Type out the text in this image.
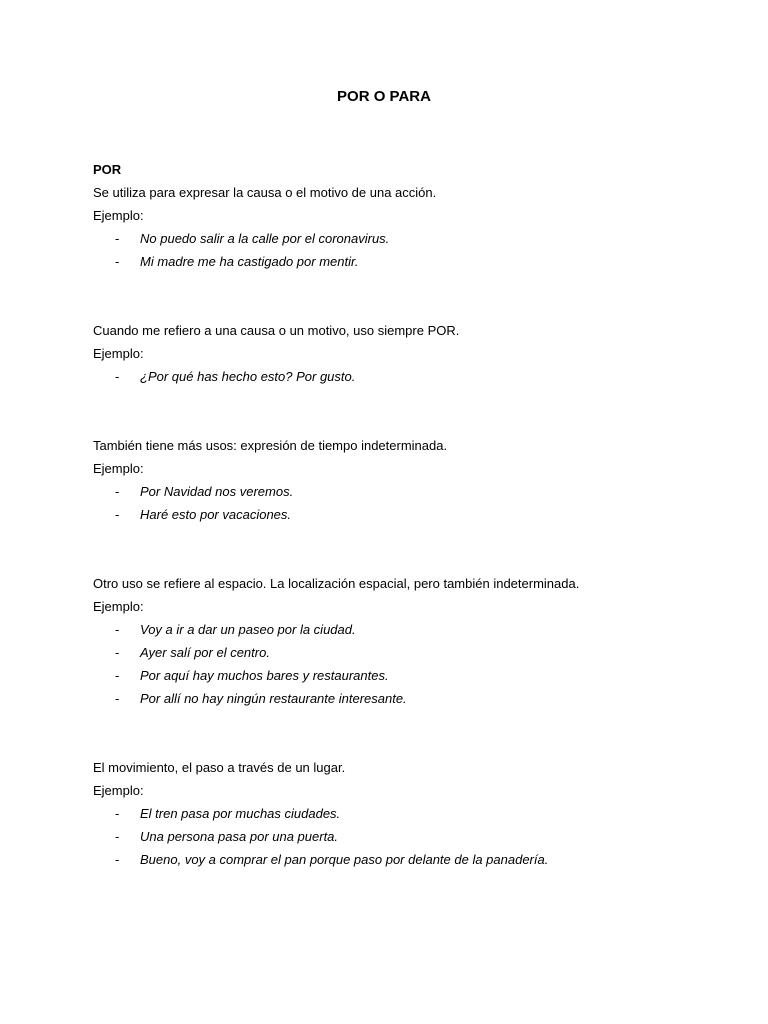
POR O PARA
POR
Se utiliza para expresar la causa o el motivo de una acción.
Ejemplo:
- No puedo salir a la calle por el coronavirus.
- Mi madre me ha castigado por mentir.
Cuando me refiero a una causa o un motivo, uso siempre POR.
Ejemplo:
- ¿Por qué has hecho esto? Por gusto.
También tiene más usos: expresión de tiempo indeterminada.
Ejemplo:
- Por Navidad nos veremos.
- Haré esto por vacaciones.
Otro uso se refiere al espacio. La localización espacial, pero también indeterminada.
Ejemplo:
- Voy a ir a dar un paseo por la ciudad.
- Ayer salí por el centro.
- Por aquí hay muchos bares y restaurantes.
- Por allí no hay ningún restaurante interesante.
El movimiento, el paso a través de un lugar.
Ejemplo:
- El tren pasa por muchas ciudades.
- Una persona pasa por una puerta.
- Bueno, voy a comprar el pan porque paso por delante de la panadería.
